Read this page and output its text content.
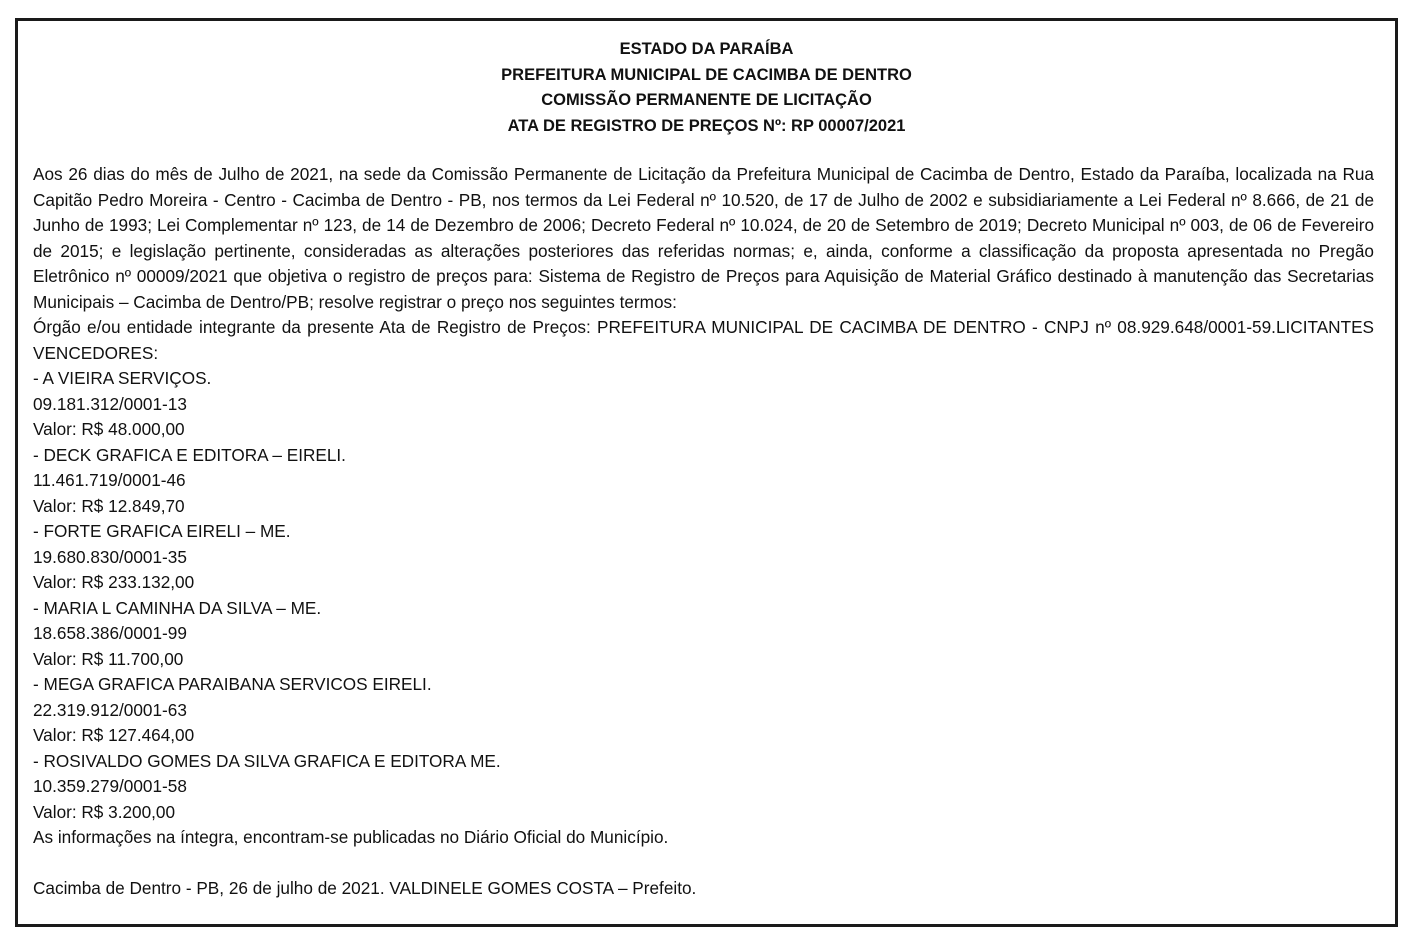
ESTADO DA PARAÍBA
PREFEITURA MUNICIPAL DE CACIMBA DE DENTRO
COMISSÃO PERMANENTE DE LICITAÇÃO
ATA DE REGISTRO DE PREÇOS Nº: RP 00007/2021
Aos 26 dias do mês de Julho de 2021, na sede da Comissão Permanente de Licitação da Prefeitura Municipal de Cacimba de Dentro, Estado da Paraíba, localizada na Rua Capitão Pedro Moreira - Centro - Cacimba de Dentro - PB, nos termos da Lei Federal nº 10.520, de 17 de Julho de 2002 e subsidiariamente a Lei Federal nº 8.666, de 21 de Junho de 1993; Lei Complementar nº 123, de 14 de Dezembro de 2006; Decreto Federal nº 10.024, de 20 de Setembro de 2019; Decreto Municipal nº 003, de 06 de Fevereiro de 2015; e legislação pertinente, consideradas as alterações posteriores das referidas normas; e, ainda, conforme a classificação da proposta apresentada no Pregão Eletrônico nº 00009/2021 que objetiva o registro de preços para: Sistema de Registro de Preços para Aquisição de Material Gráfico destinado à manutenção das Secretarias Municipais – Cacimba de Dentro/PB; resolve registrar o preço nos seguintes termos:
Órgão e/ou entidade integrante da presente Ata de Registro de Preços: PREFEITURA MUNICIPAL DE CACIMBA DE DENTRO - CNPJ nº 08.929.648/0001-59.LICITANTES VENCEDORES:
- A VIEIRA SERVIÇOS.
09.181.312/0001-13
Valor: R$ 48.000,00
- DECK GRAFICA E EDITORA – EIRELI.
11.461.719/0001-46
Valor: R$ 12.849,70
- FORTE GRAFICA EIRELI – ME.
19.680.830/0001-35
Valor: R$ 233.132,00
- MARIA L CAMINHA DA SILVA – ME.
18.658.386/0001-99
Valor: R$ 11.700,00
- MEGA GRAFICA PARAIBANA SERVICOS EIRELI.
22.319.912/0001-63
Valor: R$ 127.464,00
- ROSIVALDO GOMES DA SILVA GRAFICA E EDITORA ME.
10.359.279/0001-58
Valor: R$ 3.200,00
As informações na íntegra, encontram-se publicadas no Diário Oficial do Município.
Cacimba de Dentro - PB, 26 de julho de 2021. VALDINELE GOMES COSTA – Prefeito.
